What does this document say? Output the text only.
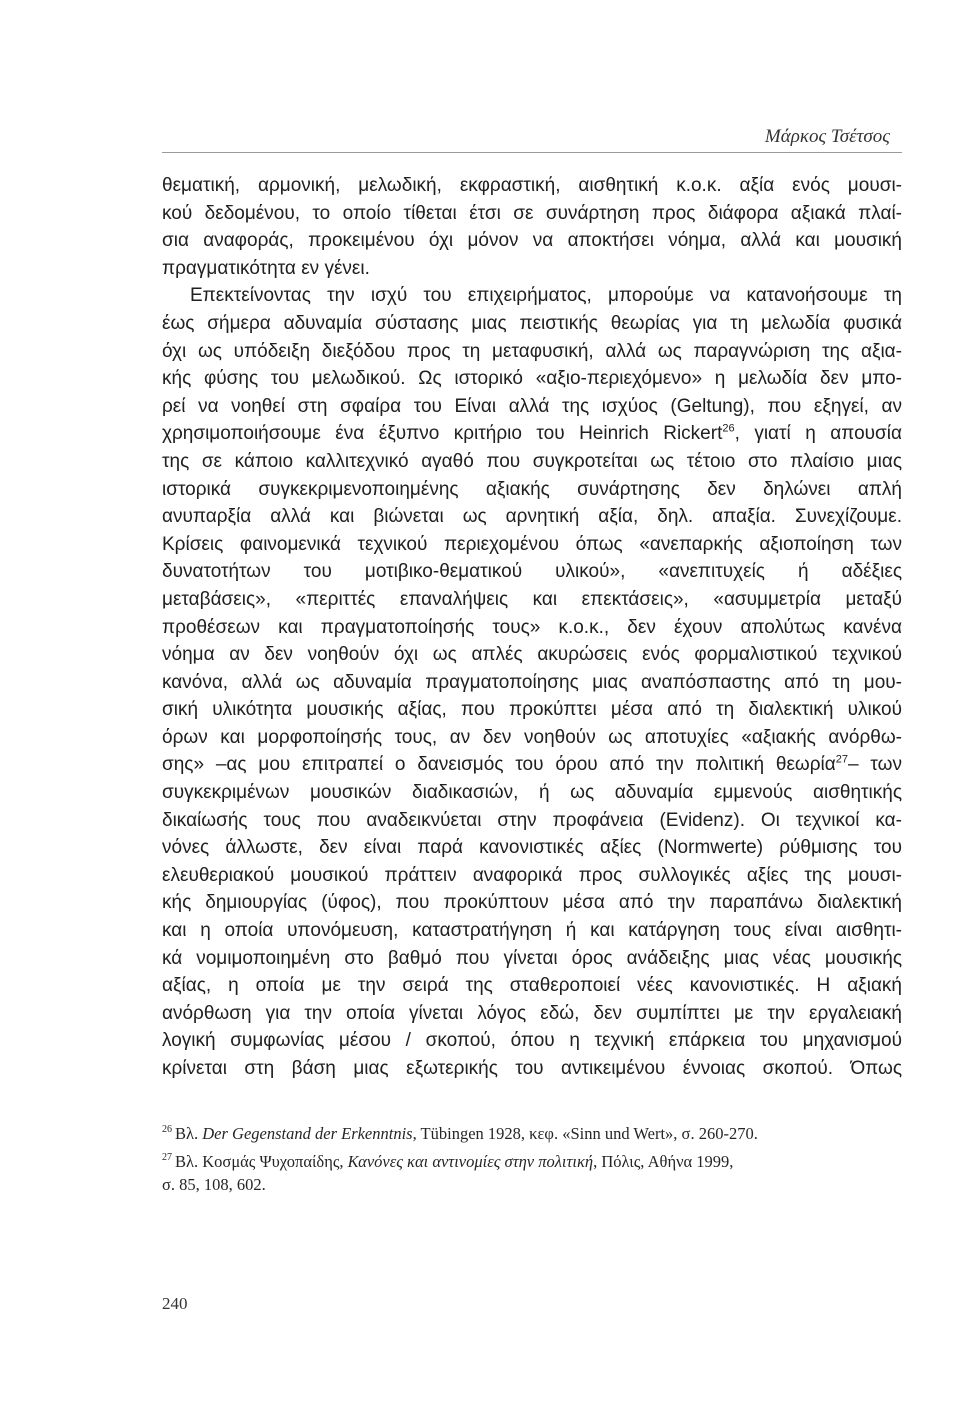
Μάρκος Τσέτσος
θεματική, αρμονική, μελωδική, εκφραστική, αισθητική κ.ο.κ. αξία ενός μουσι-
κού δεδομένου, το οποίο τίθεται έτσι σε συνάρτηση προς διάφορα αξιακά πλαί-
σια αναφοράς, προκειμένου όχι μόνον να αποκτήσει νόημα, αλλά και μουσική
πραγματικότητα εν γένει.
Επεκτείνοντας την ισχύ του επιχειρήματος, μπορούμε να κατανοήσουμε τη
έως σήμερα αδυναμία σύστασης μιας πειστικής θεωρίας για τη μελωδία φυσικά
όχι ως υπόδειξη διεξόδου προς τη μεταφυσική, αλλά ως παραγνώριση της αξια-
κής φύσης του μελωδικού. Ως ιστορικό «αξιο-περιεχόμενο» η μελωδία δεν μπο-
ρεί να νοηθεί στη σφαίρα του Είναι αλλά της ισχύος (Geltung), που εξηγεί, αν
χρησιμοποιήσουμε ένα έξυπνο κριτήριο του Heinrich Rickert$^{26}$, γιατί η απουσία
της σε κάποιο καλλιτεχνικό αγαθό που συγκροτείται ως τέτοιο στο πλαίσιο μιας
ιστορικά συγκεκριμενοποιημένης αξιακής συνάρτησης δεν δηλώνει απλή
ανυπαρξία αλλά και βιώνεται ως αρνητική αξία, δηλ. απαξία. Συνεχίζουμε.
Κρίσεις φαινομενικά τεχνικού περιεχομένου όπως «ανεπαρκής αξιοποίηση των
δυνατοτήτων του μοτιβικο-θεματικού υλικού», «ανεπιτυχείς ή αδέξιες
μεταβάσεις», «περιττές επαναλήψεις και επεκτάσεις», «ασυμμετρία μεταξύ
προθέσεων και πραγματοποίησής τους» κ.ο.κ., δεν έχουν απολύτως κανένα
νόημα αν δεν νοηθούν όχι ως απλές ακυρώσεις ενός φορμαλιστικού τεχνικού
κανόνα, αλλά ως αδυναμία πραγματοποίησης μιας αναπόσπαστης από τη μου-
σική υλικότητα μουσικής αξίας, που προκύπτει μέσα από τη διαλεκτική υλικού
όρων και μορφοποίησής τους, αν δεν νοηθούν ως αποτυχίες «αξιακής ανόρθω-
σης» –ας μου επιτραπεί ο δανεισμός του όρου από την πολιτική θεωρία$^{27}$– των
συγκεκριμένων μουσικών διαδικασιών, ή ως αδυναμία εμμενούς αισθητικής
δικαίωσής τους που αναδεικνύεται στην προφάνεια (Evidenz). Οι τεχνικοί κα-
νόνες άλλωστε, δεν είναι παρά κανονιστικές αξίες (Normwerte) ρύθμισης του
ελευθεριακού μουσικού πράττειν αναφορικά προς συλλογικές αξίες της μουσι-
κής δημιουργίας (ύφος), που προκύπτουν μέσα από την παραπάνω διαλεκτική
και η οποία υπονόμευση, καταστρατήγηση ή και κατάργηση τους είναι αισθητι-
κά νομιμοποιημένη στο βαθμό που γίνεται όρος ανάδειξης μιας νέας μουσικής
αξίας, η οποία με την σειρά της σταθεροποιεί νέες κανονιστικές. Η αξιακή
ανόρθωση για την οποία γίνεται λόγος εδώ, δεν συμπίπτει με την εργαλειακή
λογική συμφωνίας μέσου / σκοπού, όπου η τεχνική επάρκεια του μηχανισμού
κρίνεται στη βάση μιας εξωτερικής του αντικειμένου έννοιας σκοπού. Όπως
$^{26}$ Βλ. Der Gegenstand der Erkenntnis, Tübingen 1928, κεφ. «Sinn und Wert», σ. 260-270.
$^{27}$ Βλ. Κοσμάς Ψυχοπαίδης, Κανόνες και αντινομίες στην πολιτική, Πόλις, Αθήνα 1999,
σ. 85, 108, 602.
240
